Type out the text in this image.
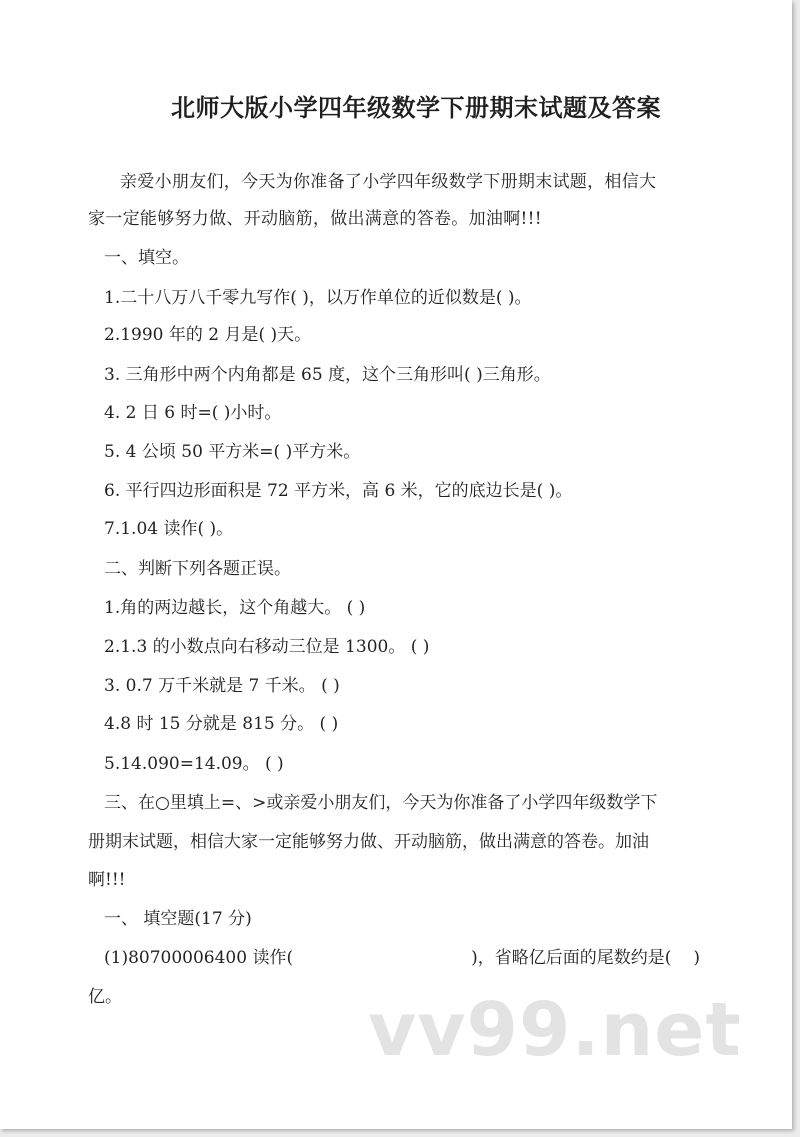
北师大版小学四年级数学下册期末试题及答案

亲爱小朋友们，今天为你准备了小学四年级数学下册期末试题，相信大

家一定能够努力做、开动脑筋，做出满意的答卷。加油啊!!!

一、填空。

1.二十八万八千零九写作( )，以万作单位的近似数是( )。

2.1990 年的 2 月是( )天。

3. 三角形中两个内角都是 65 度，这个三角形叫( )三角形。

4. 2 日 6 时=( )小时。

5. 4 公顷 50 平方米=( )平方米。

6. 平行四边形面积是 72 平方米，高 6 米，它的底边长是( )。

7.1.04 读作( )。

二、判断下列各题正误。

1.角的两边越长，这个角越大。 ( )

2.1.3 的小数点向右移动三位是 1300。 ( )

3. 0.7 万千米就是 7 千米。 ( )

4.8 时 15 分就是 815 分。 ( )

5.14.090=14.09。 ( )

三、在○里填上=、>或亲爱小朋友们，今天为你准备了小学四年级数学下

册期末试题，相信大家一定能够努力做、开动脑筋，做出满意的答卷。加油

啊!!!

一、 填空题(17 分)

(1)80700006400 读作(	)，省略亿后面的尾数约是( )

亿。	vv99.net
